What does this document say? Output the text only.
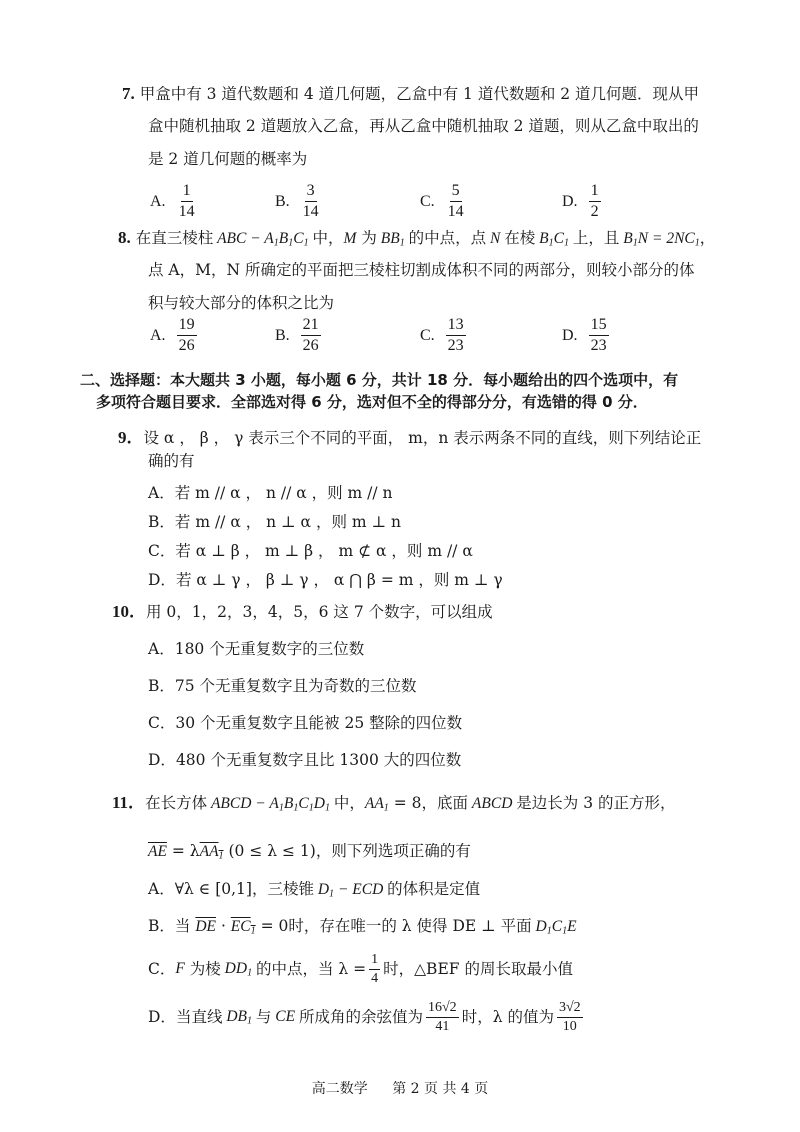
7. 甲盒中有 3 道代数题和 4 道几何题，乙盒中有 1 道代数题和 2 道几何题．现从甲
盒中随机抽取 2 道题放入乙盒，再从乙盒中随机抽取 2 道题，则从乙盒中取出的
是 2 道几何题的概率为
A. $\frac{1}{14}$	B. $\frac{3}{14}$	C. $\frac{5}{14}$	D. $\frac{1}{2}$
8. 在直三棱柱 ABC − $A_1B_1C_1$ 中，M 为 $BB_1$ 的中点，点 N 在棱 $B_1C_1$ 上，且 $B_1N = 2NC_1$，
点 A，M，N 所确定的平面把三棱柱切割成体积不同的两部分，则较小部分的体
积与较大部分的体积之比为
A. $\frac{19}{26}$	B. $\frac{21}{26}$	C. $\frac{13}{23}$	D. $\frac{15}{23}$
二、选择题：本大题共 3 小题，每小题 6 分，共计 18 分．每小题给出的四个选项中，有
多项符合题目要求．全部选对得 6 分，选对但不全的得部分分，有选错的得 0 分．
9．设 α ， β ， γ 表示三个不同的平面， m，n 表示两条不同的直线，则下列结论正
确的有
A．若 m // α ， n // α ，则 m // n
B．若 m // α ， n ⊥ α ，则 m ⊥ n
C．若 α ⊥ β ， m ⊥ β ， m ⊄ α ，则 m // α
D．若 α ⊥ γ ， β ⊥ γ ， α ⋂ β = m ，则 m ⊥ γ
10．用 0，1，2，3，4，5，6 这 7 个数字，可以组成
A．180 个无重复数字的三位数
B．75 个无重复数字且为奇数的三位数
C．30 个无重复数字且能被 25 整除的四位数
D．480 个无重复数字且比 1300 大的四位数
11．在长方体 ABCD − $A_1B_1C_1D_1$ 中，$AA_1 = 8$，底面 ABCD 是边长为 3 的正方形，
$\overline{AE} = \lambda AA_1$ (0 ≤ λ ≤ 1)，则下列选项正确的有
A．∀λ ∈ [0,1]，三棱锥 $D_1$ − ECD 的体积是定值
B．当 $\overline{DE} \cdot EC_1 = 0$时，存在唯一的 λ 使得 DE ⊥ 平面 $D_1C_1E$
C． F
为棱 $DD_1$ 的中点，当 $\lambda = \frac{1}{4}$ 时，△BEF 的周长取最小值
D． 当直线 $DB_1$ 与 CE 所成角的余弦值为 $\frac{16√2}{41}$ 时，λ 的值为 $\frac{3√2}{10}$
高二数学 第 2 页 共 4 页
